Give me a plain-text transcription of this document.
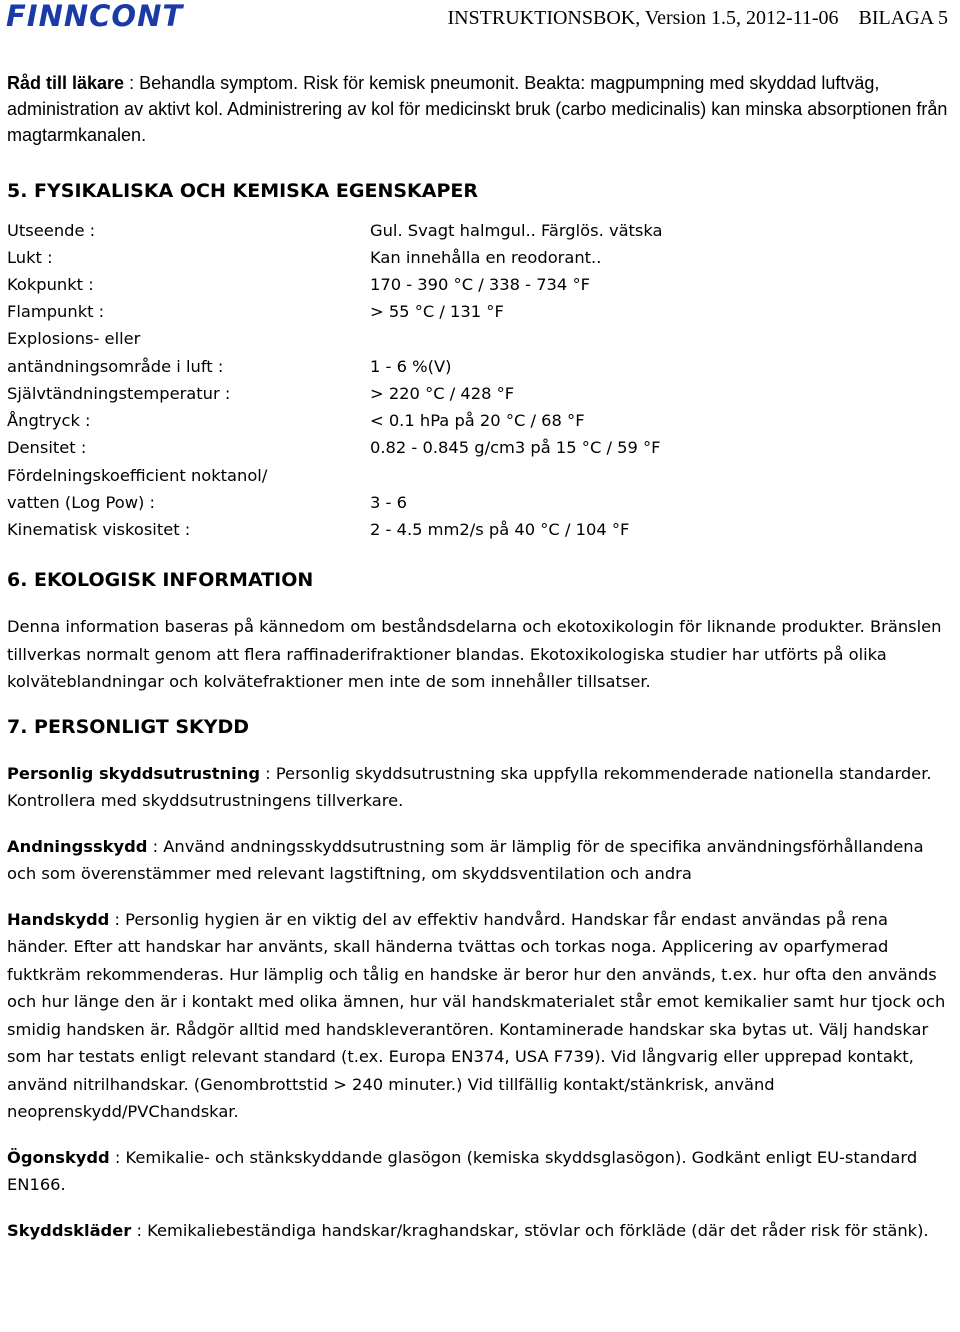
FINNCONT	INSTRUKTIONSBOK, Version 1.5, 2012-11-06 BILAGA 5

Råd till läkare : Behandla symptom. Risk för kemisk pneumonit. Beakta: magpumpning med skyddad luftväg, administration av aktivt kol. Administrering av kol för medicinskt bruk (carbo medicinalis) kan minska absorptionen från magtarmkanalen.

5. FYSIKALISKA OCH KEMISKA EGENSKAPER
Utseende :	Gul. Svagt halmgul.. Färglös. vätska
Lukt :	Kan innehålla en reodorant..
Kokpunkt :	170 - 390 °C / 338 - 734 °F
Flampunkt :	> 55 °C / 131 °F
Explosions- eller
antändningsområde i luft :	1 - 6 %(V)
Självtändningstemperatur :	> 220 °C / 428 °F
Ångtryck :	< 0.1 hPa på 20 °C / 68 °F
Densitet :	0.82 - 0.845 g/cm3 på 15 °C / 59 °F
Fördelningskoefficient noktanol/
vatten (Log Pow) :	3 - 6
Kinematisk viskositet :	2 - 4.5 mm2/s på 40 °C / 104 °F
6. EKOLOGISK INFORMATION

Denna information baseras på kännedom om beståndsdelarna och ekotoxikologin för liknande produkter. Bränslen tillverkas normalt genom att flera raffinaderifraktioner blandas. Ekotoxikologiska studier har utförts på olika kolväteblandningar och kolvätefraktioner men inte de som innehåller tillsatser.

7. PERSONLIGT SKYDD

Personlig skyddsutrustning : Personlig skyddsutrustning ska uppfylla rekommenderade nationella standarder. Kontrollera med skyddsutrustningens tillverkare.

Andningsskydd : Använd andningsskyddsutrustning som är lämplig för de specifika användningsförhållandena och som överenstämmer med relevant lagstiftning, om skyddsventilation och andra

Handskydd : Personlig hygien är en viktig del av effektiv handvård. Handskar får endast användas på rena händer. Efter att handskar har använts, skall händerna tvättas och torkas noga. Applicering av oparfymerad fuktkräm rekommenderas. Hur lämplig och tålig en handske är beror hur den används, t.ex. hur ofta den används och hur länge den är i kontakt med olika ämnen, hur väl handskmaterialet står emot kemikalier samt hur tjock och smidig handsken är. Rådgör alltid med handskleverantören. Kontaminerade handskar ska bytas ut. Välj handskar som har testats enligt relevant standard (t.ex. Europa EN374, USA F739). Vid långvarig eller upprepad kontakt, använd nitrilhandskar. (Genombrottstid > 240 minuter.) Vid tillfällig kontakt/stänkrisk, använd neoprenskydd/PVChandskar.

Ögonskydd : Kemikalie- och stänkskyddande glasögon (kemiska skyddsglasögon). Godkänt enligt EU-standard EN166.

Skyddskläder : Kemikaliebeständiga handskar/kraghandskar, stövlar och förkläde (där det råder risk för stänk).
